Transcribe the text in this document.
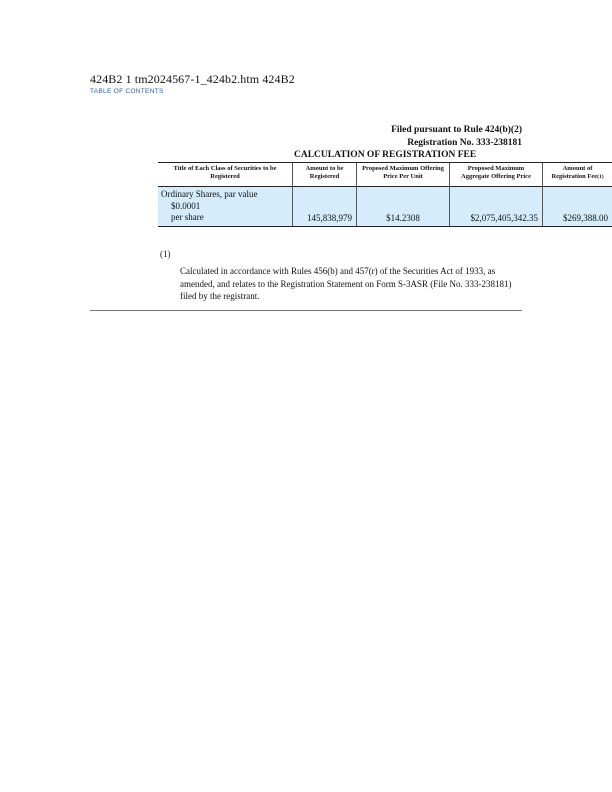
424B2 1 tm2024567-1_424b2.htm 424B2
TABLE OF CONTENTS
Filed pursuant to Rule 424(b)(2)
Registration No. 333-238181
CALCULATION OF REGISTRATION FEE
Title of Each Class of Securities to be Registered	Amount to be Registered	Proposed Maximum Offering Price Per Unit	Proposed Maximum Aggregate Offering Price	Amount of Registration Fee(1)

Ordinary Shares, par value
$0.0001
per share	145,838,979	$14.2308	$2,075,405,342.35	$269,388.00
(1)
Calculated in accordance with Rules 456(b) and 457(r) of the Securities Act of 1933, as amended, and relates to the Registration Statement on Form S-3ASR (File No. 333-238181) filed by the registrant.
